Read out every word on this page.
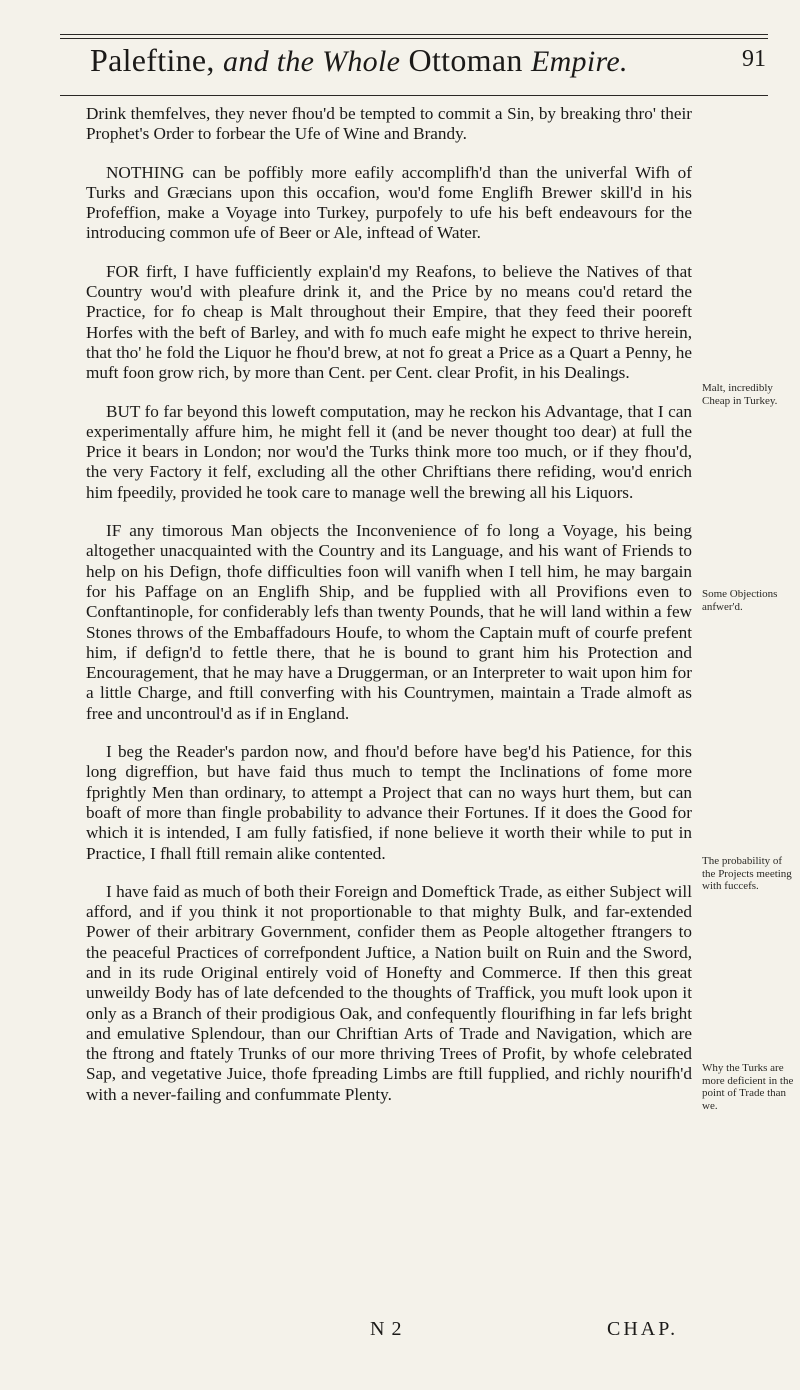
Paleftine, and the Whole Ottoman Empire.	91

Drink themfelves, they never fhou'd be tempted to commit a Sin, by breaking thro' their Prophet's Order to forbear the Ufe of Wine and Brandy.

NOTHING can be poffibly more eafily accomplifh'd than the univerfal Wifh of Turks and Græcians upon this occafion, wou'd fome Englifh Brewer skill'd in his Profeffion, make a Voyage into Turkey, purpofely to ufe his beft endeavours for the introducing common ufe of Beer or Ale, inftead of Water.

FOR firft, I have fufficiently explain'd my Reafons, to believe the Natives of that Country wou'd with pleafure drink it, and the Price by no means cou'd retard the Practice, for fo cheap is Malt throughout their Empire, that they feed their pooreft Horfes with the beft of Barley, and with fo much eafe might he expect to thrive herein, that tho' he fold the Liquor he fhou'd brew, at not fo great a Price as a Quart a Penny, he muft foon grow rich, by more than Cent. per Cent. clear Profit, in his Dealings.

BUT fo far beyond this loweft computation, may he reckon his Advantage, that I can experimentally affure him, he might fell it (and be never thought too dear) at full the Price it bears in London; nor wou'd the Turks think more too much, or if they fhou'd, the very Factory it felf, excluding all the other Chriftians there refiding, wou'd enrich him fpeedily, provided he took care to manage well the brewing all his Liquors.

IF any timorous Man objects the Inconvenience of fo long a Voyage, his being altogether unacquainted with the Country and its Language, and his want of Friends to help on his Defign, thofe difficulties foon will vanifh when I tell him, he may bargain for his Paffage on an Englifh Ship, and be fupplied with all Provifions even to Conftantinople, for confiderably lefs than twenty Pounds, that he will land within a few Stones throws of the Embaffadours Houfe, to whom the Captain muft of courfe prefent him, if defign'd to fettle there, that he is bound to grant him his Protection and Encouragement, that he may have a Druggerman, or an Interpreter to wait upon him for a little Charge, and ftill converfing with his Countrymen, maintain a Trade almoft as free and uncontroul'd as if in England.

I beg the Reader's pardon now, and fhou'd before have beg'd his Patience, for this long digreffion, but have faid thus much to tempt the Inclinations of fome more fprightly Men than ordinary, to attempt a Project that can no ways hurt them, but can boaft of more than fingle probability to advance their Fortunes. If it does the Good for which it is intended, I am fully fatisfied, if none believe it worth their while to put in Practice, I fhall ftill remain alike contented.

I have faid as much of both their Foreign and Domeftick Trade, as either Subject will afford, and if you think it not proportionable to that mighty Bulk, and far-extended Power of their arbitrary Government, confider them as People altogether ftrangers to the peaceful Practices of correfpondent Juftice, a Nation built on Ruin and the Sword, and in its rude Original entirely void of Honefty and Commerce. If then this great unweildy Body has of late defcended to the thoughts of Traffick, you muft look upon it only as a Branch of their prodigious Oak, and confequently flourifhing in far lefs bright and emulative Splendour, than our Chriftian Arts of Trade and Navigation, which are the ftrong and ftately Trunks of our more thriving Trees of Profit, by whofe celebrated Sap, and vegetative Juice, thofe fpreading Limbs are ftill fupplied, and richly nourifh'd with a never-failing and confummate Plenty.

Malt, incredibly Cheap in Turkey.
Some Objections anfwer'd.
The probability of the Projects meeting with fuccefs.
Why the Turks are more deficient in the point of Trade than we.
N 2	CHAP.
